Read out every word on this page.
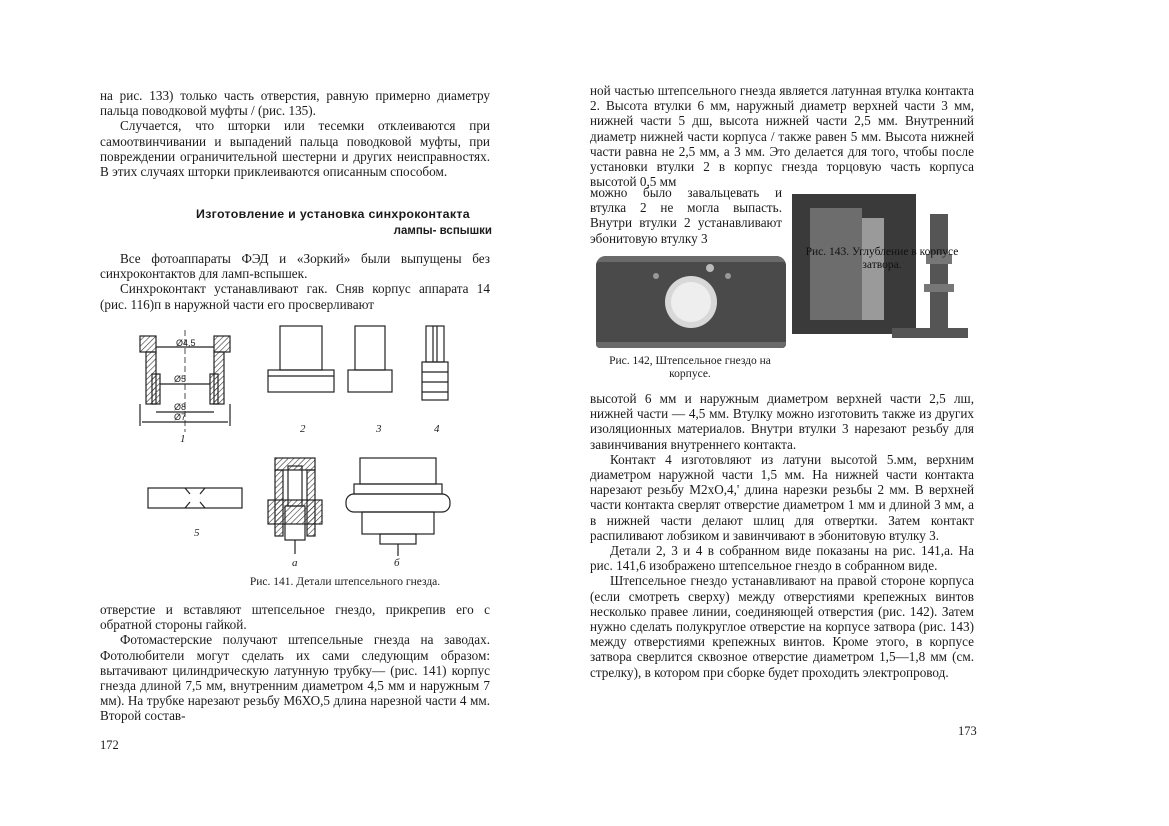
на рис. 133) только часть отверстия, равную примерно диаметру пальца поводковой муфты / (рис. 135).

Случается, что шторки или тесемки отклеиваются при самоотвинчивании и выпадений пальца поводковой муфты, при повреждении ограничительной шестерни и других неисправностях. В этих случаях шторки приклеиваются описанным способом.

Изготовление и установка синхроконтакта
лампы- вспышки

Все фотоаппараты ФЭД и «Зоркий» были выпущены без синхроконтактов для ламп-вспышек.

Синхроконтакт устанавливают гак. Сняв корпус аппарата 14 (рис. 116)п в наружной части его просверливают

Ø4,5
Ø5
Ø8
Ø7
1
2	3	4
5
a	б
Рис. 141. Детали штепсельного гнезда.

отверстие и вставляют штепсельное гнездо, прикрепив его с обратной стороны гайкой.

Фотомастерские получают штепсельные гнезда на заводах. Фотолюбители могут сделать их сами следующим образом: вытачивают цилиндрическую латунную трубку— (рис. 141) корпус гнезда длиной 7,5 мм, внутренним диаметром 4,5 мм и наружным 7 мм). На трубке нарезают резьбу М6ХО,5 длина нарезной части 4 мм. Второй состав-

172

ной частью штепсельного гнезда является латунная втулка контакта 2. Высота втулки 6 мм, наружный диаметр верхней части 3 мм, нижней части 5 дш, высота нижней части 2,5 мм. Внутренний диаметр нижней части корпуса / также равен 5 мм. Высота нижней части равна не 2,5 мм, а 3 мм. Это делается для того, чтобы после установки втулки 2 в корпус гнезда торцовую часть корпуса высотой 0,5 мм

можно было завальцевать и втулка 2 не могла выпасть. Внутри втулки 2 устанавливают эбонитовую втулку 3

Рис. 142, Штепсельное гнездо на корпусе.
Рис. 143. Углубление в корпусе затвора.

высотой 6 мм и наружным диаметром верхней части 2,5 лш, нижней части — 4,5 мм. Втулку можно изготовить также из других изоляционных материалов. Внутри втулки 3 нарезают резьбу для завинчивания внутреннего контакта.

Контакт 4 изготовляют из латуни высотой 5.мм, верхним диаметром наружной части 1,5 мм. На нижней части контакта нарезают резьбу М2хО,4,' длина нарезки резьбы 2 мм. В верхней части контакта сверлят отверстие диаметром 1 мм и длиной 3 мм, а в нижней части делают шлиц для отвертки. Затем контакт распиливают лобзиком и завинчивают в эбонитовую втулку 3.

Детали 2, 3 и 4 в собранном виде показаны на рис. 141,а. На рис. 141,6 изображено штепсельное гнездо в собранном виде.

Штепсельное гнездо устанавливают на правой стороне корпуса (если смотреть сверху) между отверстиями крепежных винтов несколько правее линии, соединяющей отверстия (рис. 142). Затем нужно сделать полукруглое отверстие на корпусе затвора (рис. 143) между отверстиями крепежных винтов. Кроме этого, в корпусе затвора сверлится сквозное отверстие диаметром 1,5—1,8 мм (см. стрелку), в котором при сборке будет проходить электропровод.

173
